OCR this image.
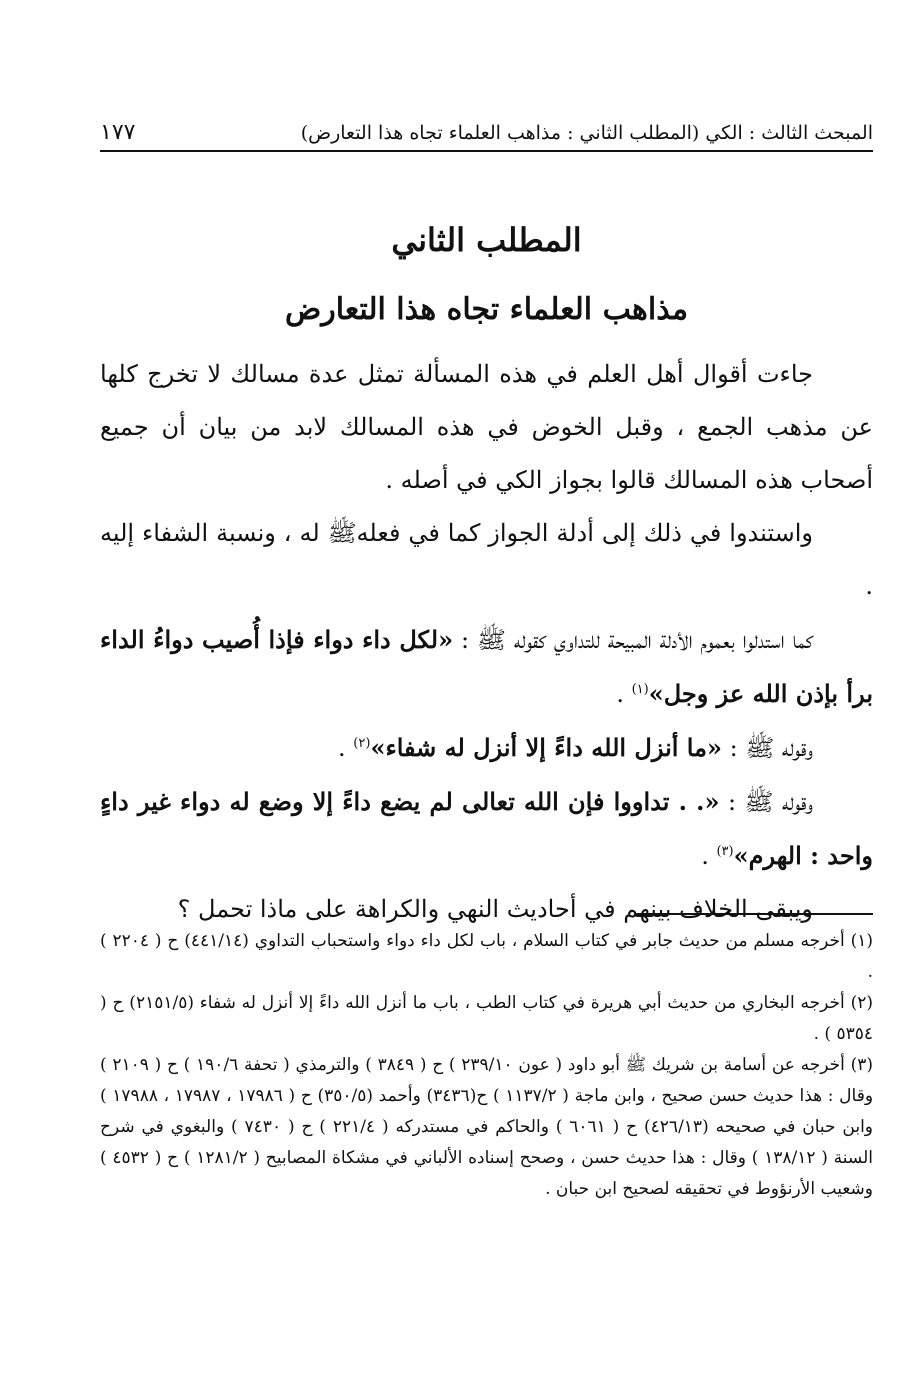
المبحث الثالث : الكي (المطلب الثاني : مذاهب العلماء تجاه هذا التعارض)
١٧٧
المطلب الثاني
مذاهب العلماء تجاه هذا التعارض

جاءت أقوال أهل العلم في هذه المسألة تمثل عدة مسالك لا تخرج كلها عن مذهب الجمع ، وقبل الخوض في هذه المسالك لابد من بيان أن جميع أصحاب هذه المسالك قالوا بجواز الكي في أصله .

واستندوا في ذلك إلى أدلة الجواز كما في فعلهﷺ له ، ونسبة الشفاء إليه .

كما استدلوا بعموم الأدلة المبيحة للتداوي كقوله ﷺ : «لكل داء دواء فإذا أُصيب دواءُ الداء برأ بإذن الله عز وجل»$^{(١)}$ .

وقوله ﷺ : «ما أنزل الله داءً إلا أنزل له شفاء»$^{(٢)}$ .

وقوله ﷺ : «. . تداووا فإن الله تعالى لم يضع داءً إلا وضع له دواء غير داءٍ واحد : الهرم»$^{(٣)}$ .

ويبقى الخلاف بينهم في أحاديث النهي والكراهة على ماذا تحمل ؟

(١) أخرجه مسلم من حديث جابر في كتاب السلام ، باب لكل داء دواء واستحباب التداوي (٤٤١/١٤) ح ( ٢٢٠٤ ) .

(٢) أخرجه البخاري من حديث أبي هريرة في كتاب الطب ، باب ما أنزل الله داءً إلا أنزل له شفاء (٢١٥١/٥) ح ( ٥٣٥٤ ) .

(٣) أخرجه عن أسامة بن شريك ﷺ أبو داود ( عون ٢٣٩/١٠ ) ح ( ٣٨٤٩ ) والترمذي ( تحفة ١٩٠/٦ ) ح ( ٢١٠٩ ) وقال : هذا حديث حسن صحيح ، وابن ماجة ( ١١٣٧/٢ ) ح(٣٤٣٦) وأحمد (٣٥٠/٥) ح ( ١٧٩٨٦ ، ١٧٩٨٧ ، ١٧٩٨٨ ) وابن حبان في صحيحه (٤٢٦/١٣) ح ( ٦٠٦١ ) والحاكم في مستدركه ( ٢٢١/٤ ) ح ( ٧٤٣٠ ) والبغوي في شرح السنة ( ١٣٨/١٢ ) وقال : هذا حديث حسن ، وصحح إسناده الألباني في مشكاة المصابيح ( ١٢٨١/٢ ) ح ( ٤٥٣٢ ) وشعيب الأرنؤوط في تحقيقه لصحيح ابن حبان .
